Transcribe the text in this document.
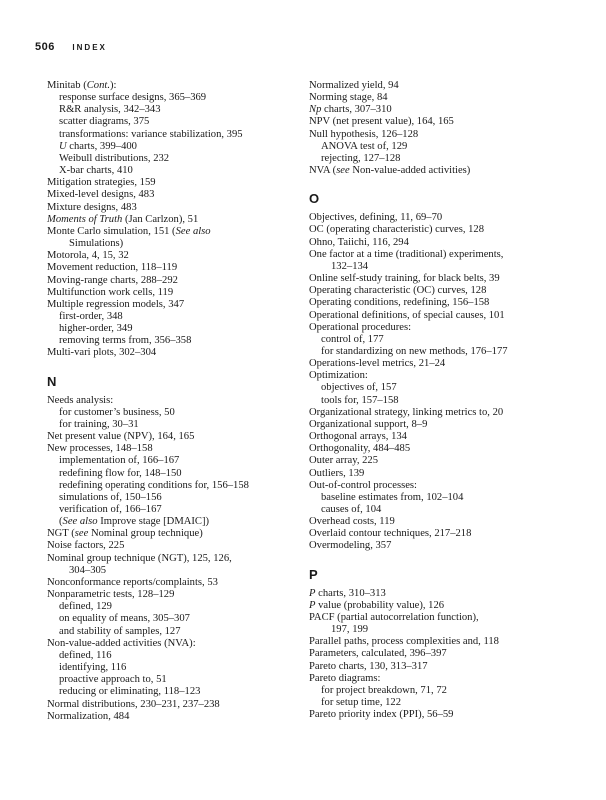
506 INDEX
Minitab (Cont.):
response surface designs, 365–369
R&R analysis, 342–343
scatter diagrams, 375
transformations: variance stabilization, 395
U charts, 399–400
Weibull distributions, 232
X-bar charts, 410
Mitigation strategies, 159
Mixed-level designs, 483
Mixture designs, 483
Moments of Truth (Jan Carlzon), 51
Monte Carlo simulation, 151 (See also
Simulations)
Motorola, 4, 15, 32
Movement reduction, 118–119
Moving-range charts, 288–292
Multifunction work cells, 119
Multiple regression models, 347
first-order, 348
higher-order, 349
removing terms from, 356–358
Multi-vari plots, 302–304
N
Needs analysis:
for customer’s business, 50
for training, 30–31
Net present value (NPV), 164, 165
New processes, 148–158
implementation of, 166–167
redefining flow for, 148–150
redefining operating conditions for, 156–158
simulations of, 150–156
verification of, 166–167
(See also Improve stage [DMAIC])
NGT (see Nominal group technique)
Noise factors, 225
Nominal group technique (NGT), 125, 126,
304–305
Nonconformance reports/complaints, 53
Nonparametric tests, 128–129
defined, 129
on equality of means, 305–307
and stability of samples, 127
Non-value-added activities (NVA):
defined, 116
identifying, 116
proactive approach to, 51
reducing or eliminating, 118–123
Normal distributions, 230–231, 237–238
Normalization, 484
Normalized yield, 94
Norming stage, 84
Np charts, 307–310
NPV (net present value), 164, 165
Null hypothesis, 126–128
ANOVA test of, 129
rejecting, 127–128
NVA (see Non-value-added activities)
O
Objectives, defining, 11, 69–70
OC (operating characteristic) curves, 128
Ohno, Taiichi, 116, 294
One factor at a time (traditional) experiments,
132–134
Online self-study training, for black belts, 39
Operating characteristic (OC) curves, 128
Operating conditions, redefining, 156–158
Operational definitions, of special causes, 101
Operational procedures:
control of, 177
for standardizing on new methods, 176–177
Operations-level metrics, 21–24
Optimization:
objectives of, 157
tools for, 157–158
Organizational strategy, linking metrics to, 20
Organizational support, 8–9
Orthogonal arrays, 134
Orthogonality, 484–485
Outer array, 225
Outliers, 139
Out-of-control processes:
baseline estimates from, 102–104
causes of, 104
Overhead costs, 119
Overlaid contour techniques, 217–218
Overmodeling, 357
P
P charts, 310–313
P value (probability value), 126
PACF (partial autocorrelation function),
197, 199
Parallel paths, process complexities and, 118
Parameters, calculated, 396–397
Pareto charts, 130, 313–317
Pareto diagrams:
for project breakdown, 71, 72
for setup time, 122
Pareto priority index (PPI), 56–59
